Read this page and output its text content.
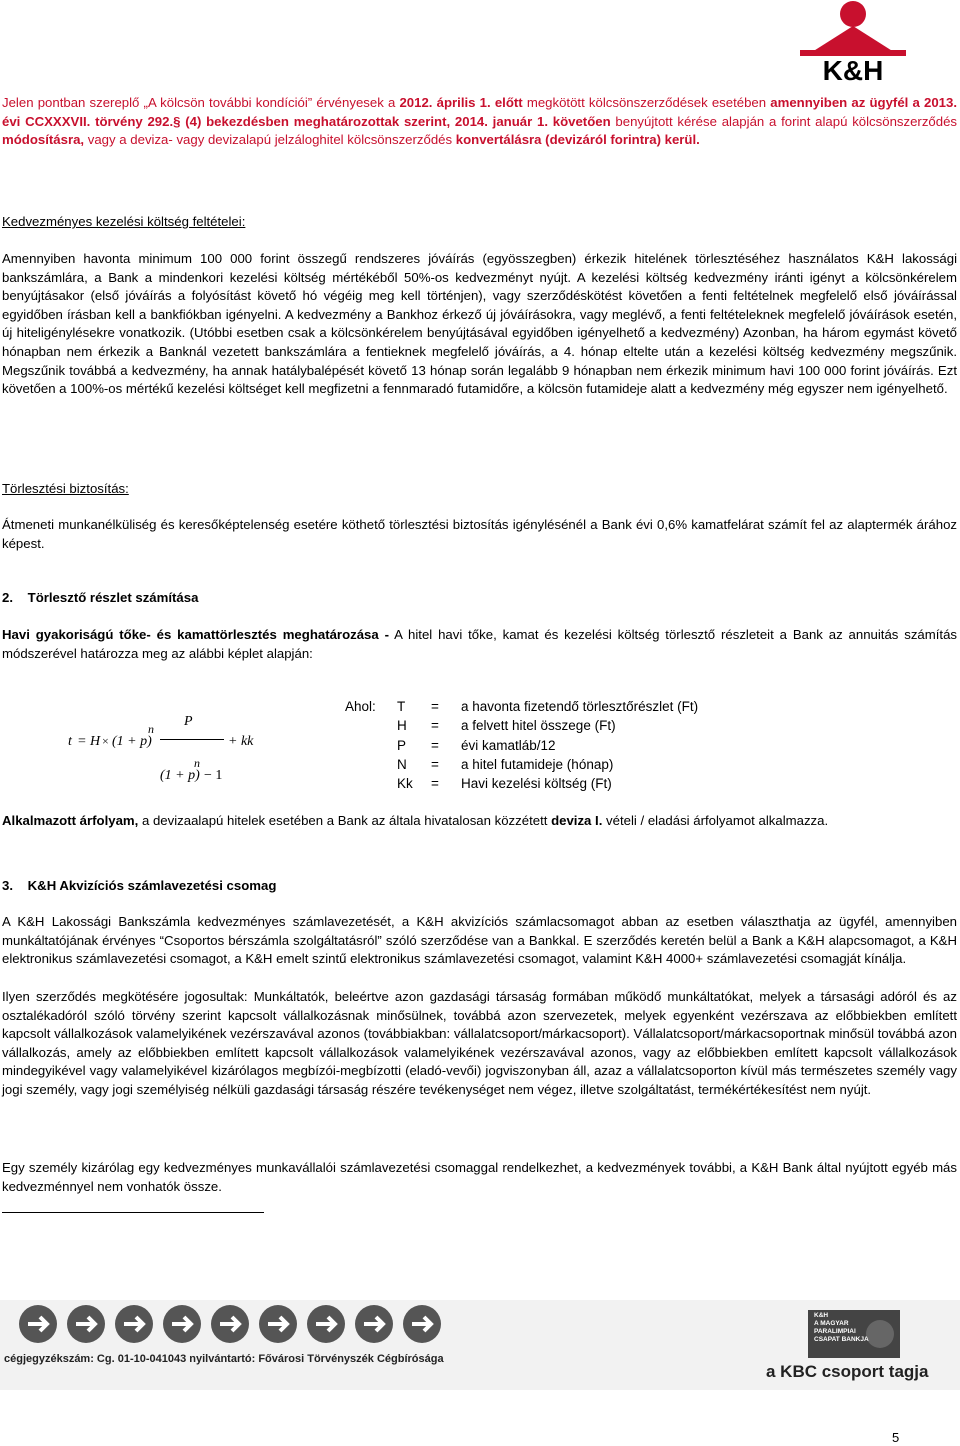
K&H
Jelen pontban szereplő „A kölcsön további kondíciói” érvényesek a 2012. április 1. előtt megkötött kölcsönszerződések esetében amennyiben az ügyfél a 2013. évi CCXXXVII. törvény 292.§ (4) bekezdésben meghatározottak szerint, 2014. január 1. követően benyújtott kérése alapján a forint alapú kölcsönszerződés módosításra, vagy a deviza- vagy devizalapú jelzáloghitel kölcsönszerződés konvertálásra (devizáról forintra) kerül.
Kedvezményes kezelési költség feltételei:
Amennyiben havonta minimum 100 000 forint összegű rendszeres jóváírás (egyösszegben) érkezik hitelének törlesztéséhez használatos K&H lakossági bankszámlára, a Bank a mindenkori kezelési költség mértékéből 50%-os kedvezményt nyújt. A kezelési költség kedvezmény iránti igényt a kölcsönkérelem benyújtásakor (első jóváírás a folyósítást követő hó végéig meg kell történjen), vagy szerződéskötést követően a fenti feltételnek megfelelő első jóváírással egyidőben írásban kell a bankfiókban igényelni. A kedvezmény a Bankhoz érkező új jóváírásokra, vagy meglévő, a fenti feltételeknek megfelelő jóváírások esetén, új hiteligénylésekre vonatkozik. (Utóbbi esetben csak a kölcsönkérelem benyújtásával egyidőben igényelhető a kedvezmény) Azonban, ha három egymást követő hónapban nem érkezik a Banknál vezetett bankszámlára a fentieknek megfelelő jóváírás, a 4. hónap eltelte után a kezelési költség kedvezmény megszűnik. Megszűnik továbbá a kedvezmény, ha annak hatálybalépését követő 13 hónap során legalább 9 hónapban nem érkezik minimum havi 100 000 forint jóváírás. Ezt követően a 100%-os mértékű kezelési költséget kell megfizetni a fennmaradó futamidőre, a kölcsön futamideje alatt a kedvezmény még egyszer nem igényelhető.
Törlesztési biztosítás:
Átmeneti munkanélküliség és keresőképtelenség esetére köthető törlesztési biztosítás igénylésénél a Bank évi 0,6% kamatfelárat számít fel az alaptermék árához képest.
2.    Törlesztő részlet számítása
Havi gyakoriságú tőke- és kamattörlesztés meghatározása - A hitel havi tőke, kamat és kezelési költség törlesztő részleteit a Bank az annuitás számítás módszerével határozza meg az alábbi képlet alapján:
t = H × (1 + p)
n P
(1 + p)
n
− 1
+ kk
Ahol:	T	=	a havonta fizetendő törlesztőrészlet (Ft)
	H	=	a felvett hitel összege (Ft)
	P	=	évi kamatláb/12
	N	=	a hitel futamideje (hónap)
	Kk	=	Havi kezelési költség (Ft)
Alkalmazott árfolyam, a devizaalapú hitelek esetében a Bank az általa hivatalosan közzétett deviza I. vételi / eladási árfolyamot alkalmazza.
3.    K&H Akvizíciós számlavezetési csomag
A K&H Lakossági Bankszámla kedvezményes számlavezetését, a K&H akvizíciós számlacsomagot abban az esetben választhatja az ügyfél, amennyiben munkáltatójának érvényes “Csoportos bérszámla szolgáltatásról” szóló szerződése van a Bankkal. E szerződés keretén belül a Bank a K&H alapcsomagot, a K&H elektronikus számlavezetési csomagot, a K&H emelt szintű elektronikus számlavezetési csomagot, valamint K&H 4000+ számlavezetési csomagját kínálja.
Ilyen szerződés megkötésére jogosultak: Munkáltatók, beleértve azon gazdasági társaság formában működő munkáltatókat, melyek a társasági adóról és az osztalékadóról szóló törvény szerint kapcsolt vállalkozásnak minősülnek, továbbá azon szervezetek, melyek egyenként vezérszava az előbbiekben említett kapcsolt vállalkozások valamelyikének vezérszavával azonos (továbbiakban: vállalatcsoport/márkacsoport). Vállalatcsoport/márkacsoportnak minősül továbbá azon vállalkozás, amely az előbbiekben említett kapcsolt vállalkozások valamelyikének vezérszavával azonos, vagy az előbbiekben említett kapcsolt vállalkozások mindegyikével vagy valamelyikével kizárólagos megbízói-megbízotti (eladó-vevői) jogviszonyban áll, azaz a vállalatcsoporton kívül más természetes személy vagy jogi személy, vagy jogi személyiség nélküli gazdasági társaság részére tevékenységet nem végez, illetve szolgáltatást, termékértékesítést nem nyújt.
Egy személy kizárólag egy kedvezményes munkavállalói számlavezetési csomaggal rendelkezhet, a kedvezmények további, a K&H Bank által nyújtott egyéb más kedvezménnyel nem vonhatók össze.
cégjegyzékszám: Cg. 01-10-041043 nyilvántartó: Fővárosi Törvényszék Cégbírósága
K&H
A MAGYAR
PARALIMPIAI
CSAPAT BANKJA
a KBC csoport tagja
5
